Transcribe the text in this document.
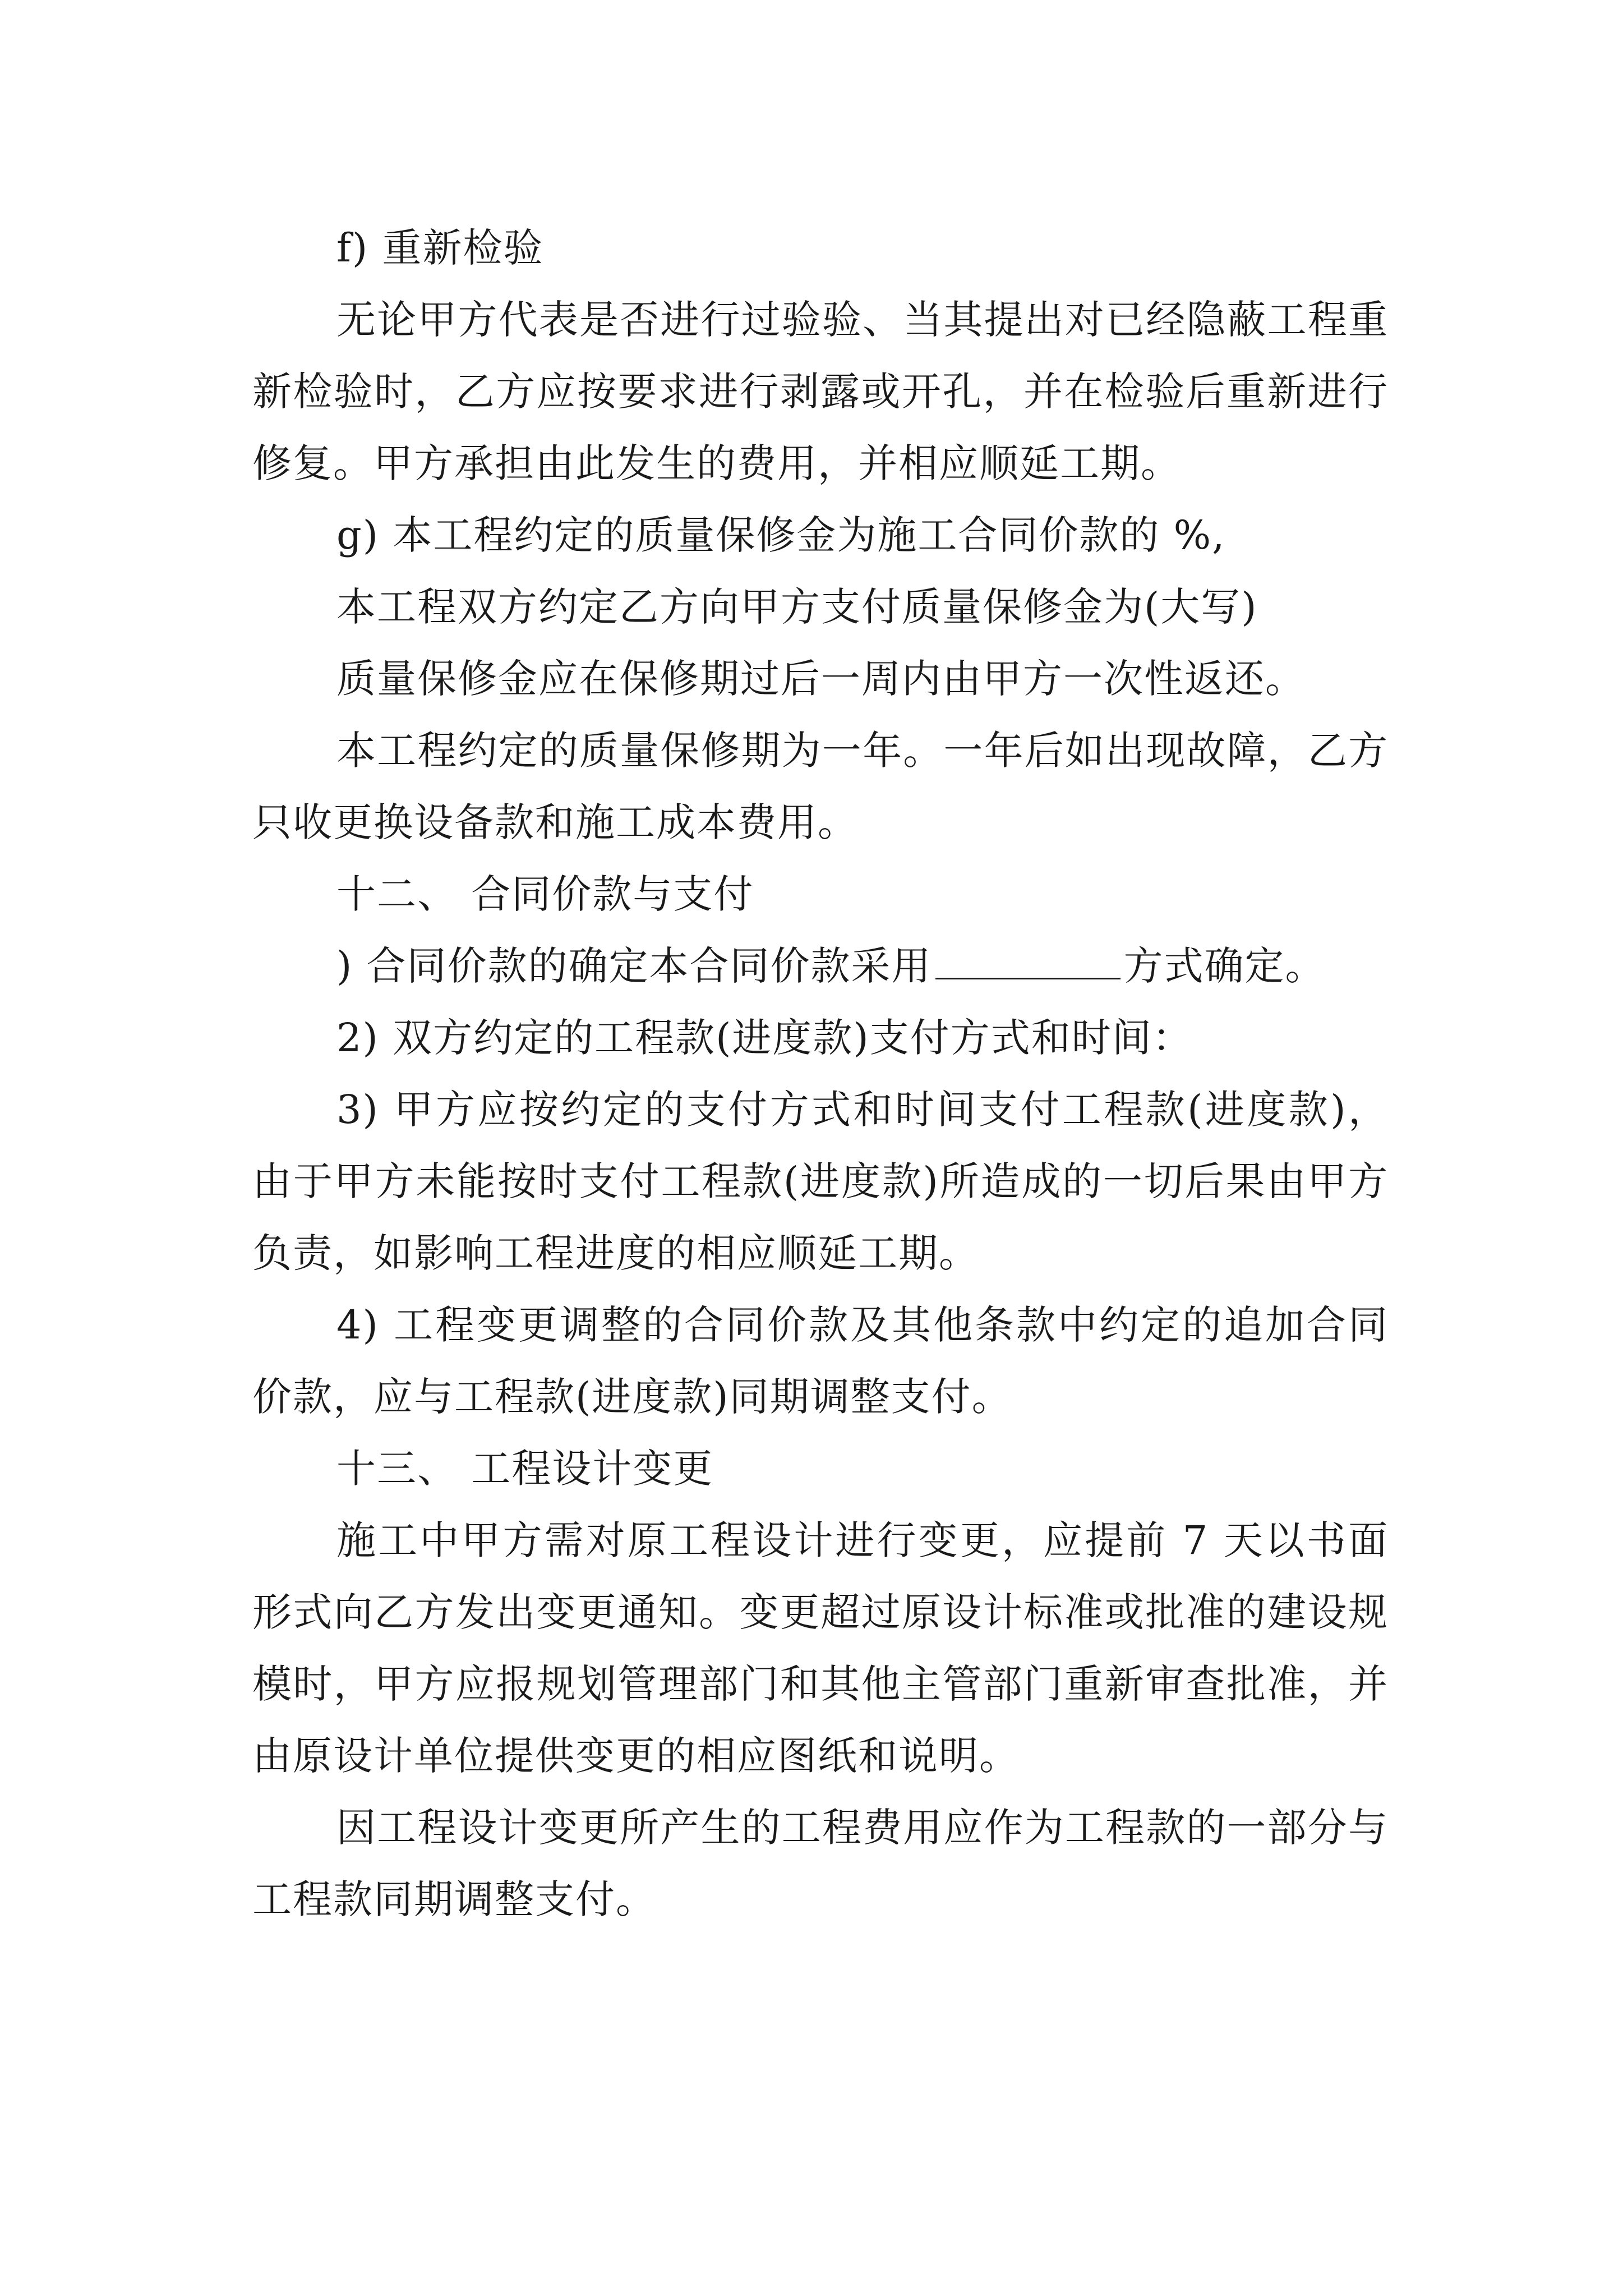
f) 重新检验

无论甲方代表是否进行过验验、当其提出对已经隐蔽工程重新检验时，乙方应按要求进行剥露或开孔，并在检验后重新进行修复。甲方承担由此发生的费用，并相应顺延工期。

g) 本工程约定的质量保修金为施工合同价款的 %,

本工程双方约定乙方向甲方支付质量保修金为(大写)

质量保修金应在保修期过后一周内由甲方一次性返还。

本工程约定的质量保修期为一年。一年后如出现故障，乙方只收更换设备款和施工成本费用。

十二、 合同价款与支付

) 合同价款的确定本合同价款采用	方式确定。

2) 双方约定的工程款(进度款)支付方式和时间：

3) 甲方应按约定的支付方式和时间支付工程款(进度款)，由于甲方未能按时支付工程款(进度款)所造成的一切后果由甲方负责，如影响工程进度的相应顺延工期。

4) 工程变更调整的合同价款及其他条款中约定的追加合同价款，应与工程款(进度款)同期调整支付。

十三、 工程设计变更

施工中甲方需对原工程设计进行变更，应提前 7 天以书面形式向乙方发出变更通知。变更超过原设计标准或批准的建设规模时，甲方应报规划管理部门和其他主管部门重新审查批准，并由原设计单位提供变更的相应图纸和说明。

因工程设计变更所产生的工程费用应作为工程款的一部分与工程款同期调整支付。
